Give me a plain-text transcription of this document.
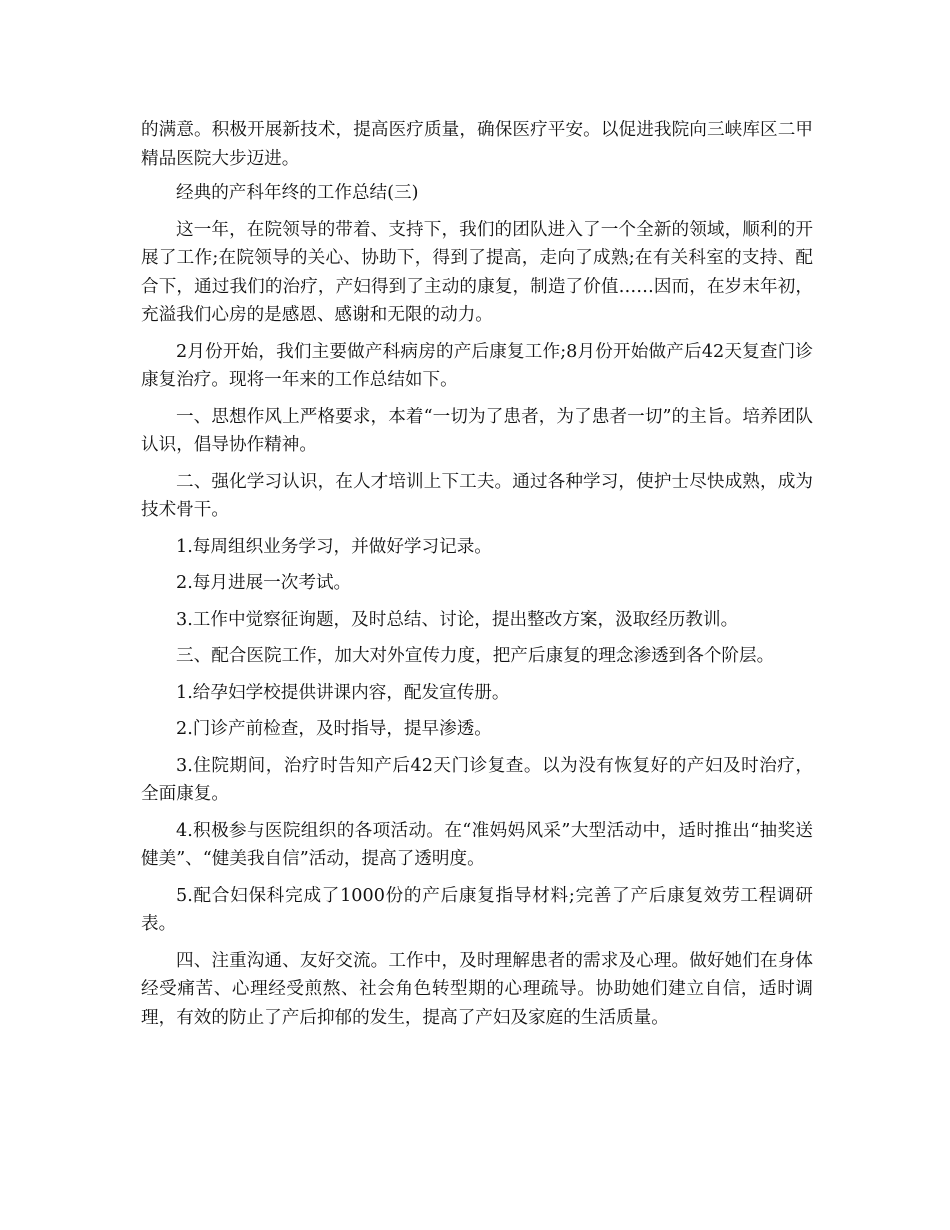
的满意。积极开展新技术，提高医疗质量，确保医疗平安。以促进我院向三峡库区二甲精品医院大步迈进。

经典的产科年终的工作总结(三)

这一年，在院领导的带着、支持下，我们的团队进入了一个全新的领域，顺利的开展了工作;在院领导的关心、协助下，得到了提高，走向了成熟;在有关科室的支持、配合下，通过我们的治疗，产妇得到了主动的康复，制造了价值……因而，在岁末年初，充溢我们心房的是感恩、感谢和无限的动力。

2月份开始，我们主要做产科病房的产后康复工作;8月份开始做产后42天复查门诊康复治疗。现将一年来的工作总结如下。

一、思想作风上严格要求，本着“一切为了患者，为了患者一切”的主旨。培养团队认识，倡导协作精神。

二、强化学习认识，在人才培训上下工夫。通过各种学习，使护士尽快成熟，成为技术骨干。

1.每周组织业务学习，并做好学习记录。

2.每月进展一次考试。

3.工作中觉察征询题，及时总结、讨论，提出整改方案，汲取经历教训。

三、配合医院工作，加大对外宣传力度，把产后康复的理念渗透到各个阶层。

1.给孕妇学校提供讲课内容，配发宣传册。

2.门诊产前检查，及时指导，提早渗透。

3.住院期间，治疗时告知产后42天门诊复查。以为没有恢复好的产妇及时治疗，全面康复。

4.积极参与医院组织的各项活动。在“准妈妈风采”大型活动中，适时推出“抽奖送健美”、“健美我自信”活动，提高了透明度。

5.配合妇保科完成了1000份的产后康复指导材料;完善了产后康复效劳工程调研表。

四、注重沟通、友好交流。工作中，及时理解患者的需求及心理。做好她们在身体经受痛苦、心理经受煎熬、社会角色转型期的心理疏导。协助她们建立自信，适时调理，有效的防止了产后抑郁的发生，提高了产妇及家庭的生活质量。
